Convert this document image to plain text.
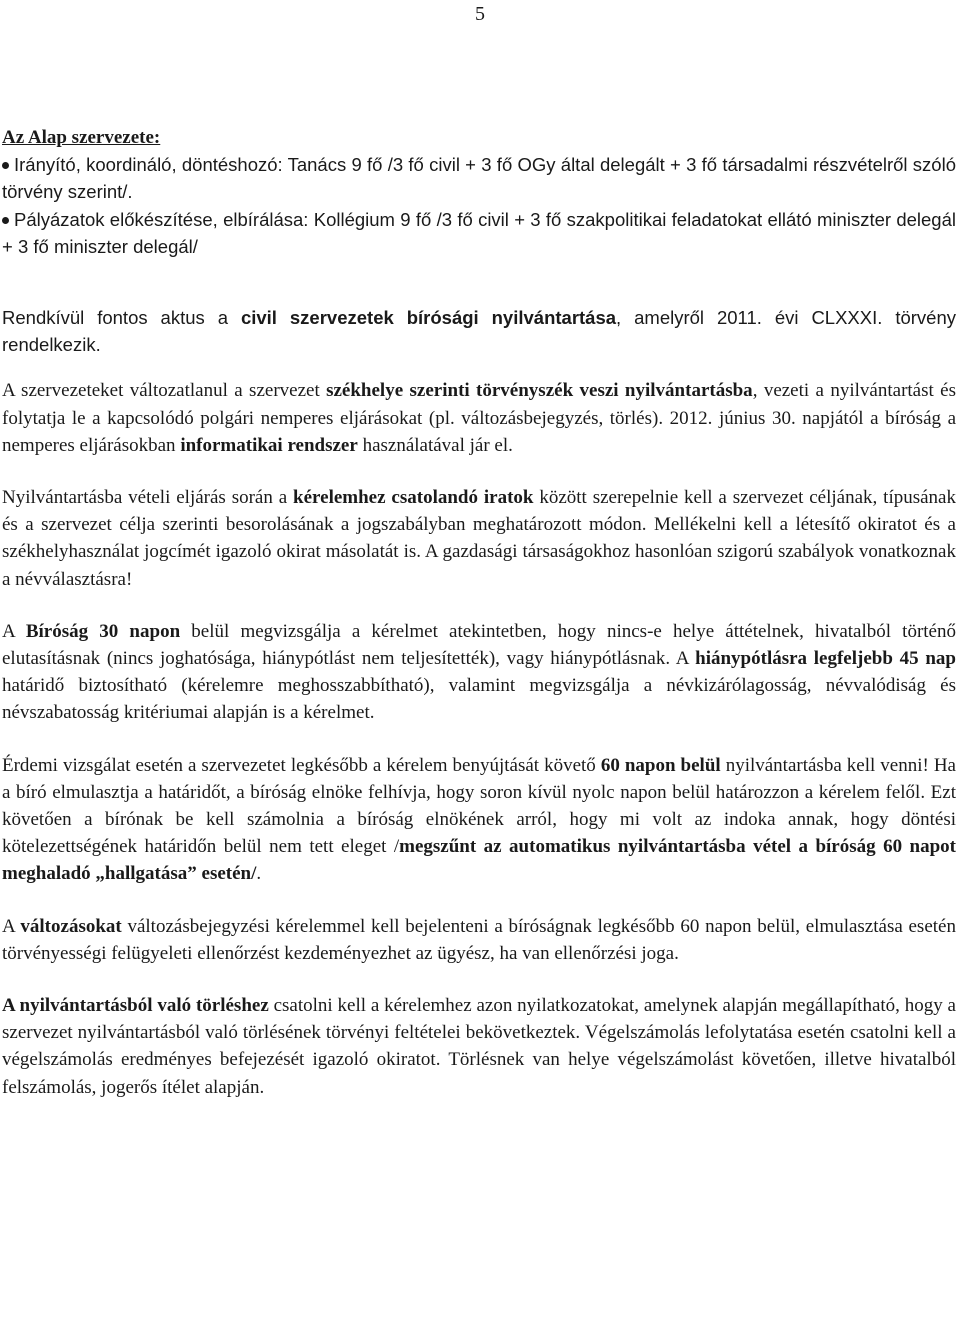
5

Az Alap szervezete:

Irányító, koordináló, döntéshozó: Tanács 9 fő /3 fő civil + 3 fő OGy által delegált + 3 fő társadalmi részvételről szóló törvény szerint/.

Pályázatok előkészítése, elbírálása: Kollégium 9 fő /3 fő civil + 3 fő szakpolitikai feladatokat ellátó miniszter delegál + 3 fő miniszter delegál/

Rendkívül fontos aktus a civil szervezetek bírósági nyilvántartása, amelyről 2011. évi CLXXXI. törvény rendelkezik.

A szervezeteket változatlanul a szervezet székhelye szerinti törvényszék veszi nyilvántartásba, vezeti a nyilvántartást és folytatja le a kapcsolódó polgári nemperes eljárásokat (pl. változásbejegyzés, törlés). 2012. június 30. napjától a bíróság a nemperes eljárásokban informatikai rendszer használatával jár el.

Nyilvántartásba vételi eljárás során a kérelemhez csatolandó iratok között szerepelnie kell a szervezet céljának, típusának és a szervezet célja szerinti besorolásának a jogszabályban meghatározott módon. Mellékelni kell a létesítő okiratot és a székhelyhasználat jogcímét igazoló okirat másolatát is. A gazdasági társaságokhoz hasonlóan szigorú szabályok vonatkoznak a névválasztásra!

A Bíróság 30 napon belül megvizsgálja a kérelmet atekintetben, hogy nincs-e helye áttételnek, hivatalból történő elutasításnak (nincs joghatósága, hiánypótlást nem teljesítették), vagy hiánypótlásnak. A hiánypótlásra legfeljebb 45 nap határidő biztosítható (kérelemre meghosszabbítható), valamint megvizsgálja a névkizárólagosság, névvalódiság és névszabatosság kritériumai alapján is a kérelmet.

Érdemi vizsgálat esetén a szervezetet legkésőbb a kérelem benyújtását követő 60 napon belül nyilvántartásba kell venni! Ha a bíró elmulasztja a határidőt, a bíróság elnöke felhívja, hogy soron kívül nyolc napon belül határozzon a kérelem felől. Ezt követően a bírónak be kell számolnia a bíróság elnökének arról, hogy mi volt az indoka annak, hogy döntési kötelezettségének határidőn belül nem tett eleget /megszűnt az automatikus nyilvántartásba vétel a bíróság 60 napot meghaladó „hallgatása” esetén/.

A változásokat változásbejegyzési kérelemmel kell bejelenteni a bíróságnak legkésőbb 60 napon belül, elmulasztása esetén törvényességi felügyeleti ellenőrzést kezdeményezhet az ügyész, ha van ellenőrzési joga.

A nyilvántartásból való törléshez csatolni kell a kérelemhez azon nyilatkozatokat, amelynek alapján megállapítható, hogy a szervezet nyilvántartásból való törlésének törvényi feltételei bekövetkeztek. Végelszámolás lefolytatása esetén csatolni kell a végelszámolás eredményes befejezését igazoló okiratot. Törlésnek van helye végelszámolást követően, illetve hivatalból felszámolás, jogerős ítélet alapján.
